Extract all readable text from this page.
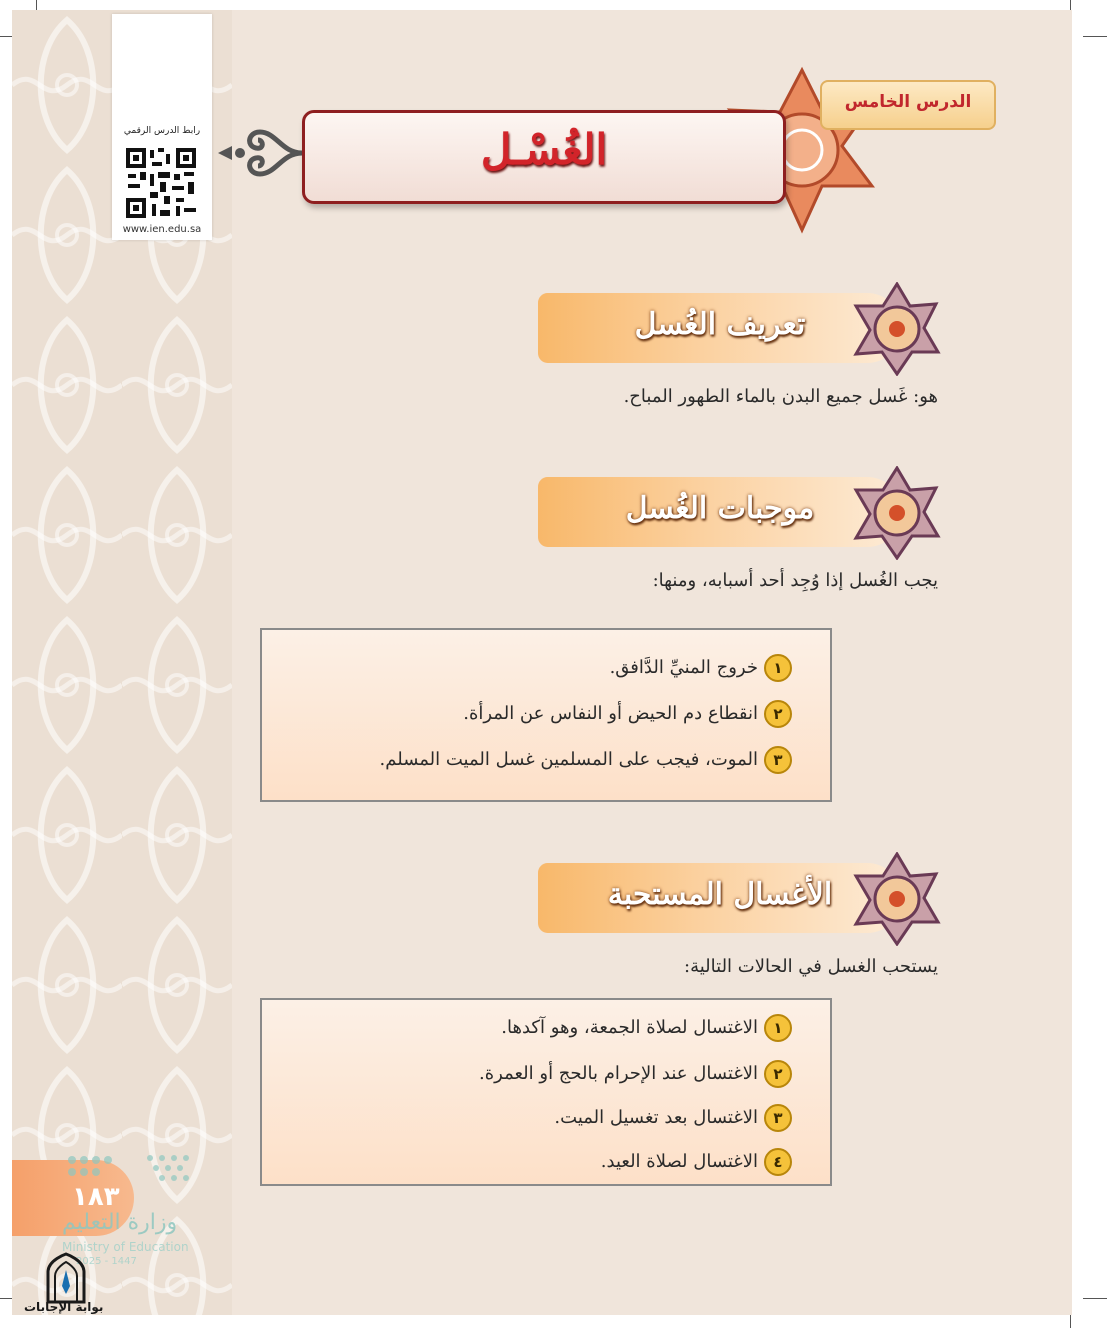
رابط الدرس الرقمي
www.ien.edu.sa
الدرس الخامس
الغُسْـل
تعريف الغُسل
هو: غَسل جميع البدن بالماء الطهور المباح.
موجبات الغُسل
يجب الغُسل إذا وُجِد أحد أسبابه، ومنها:
١خروج المنيِّ الدَّافق.
٢انقطاع دم الحيض أو النفاس عن المرأة.
٣الموت، فيجب على المسلمين غسل الميت المسلم.
الأغسال المستحبة
يستحب الغسل في الحالات التالية:
١الاغتسال لصلاة الجمعة، وهو آكدها.
٢الاغتسال عند الإحرام بالحج أو العمرة.
٣الاغتسال بعد تغسيل الميت.
٤الاغتسال لصلاة العيد.
١٨٣
وزارة التعليم
Ministry of Education
2025 - 1447
بوابة الإجابات
